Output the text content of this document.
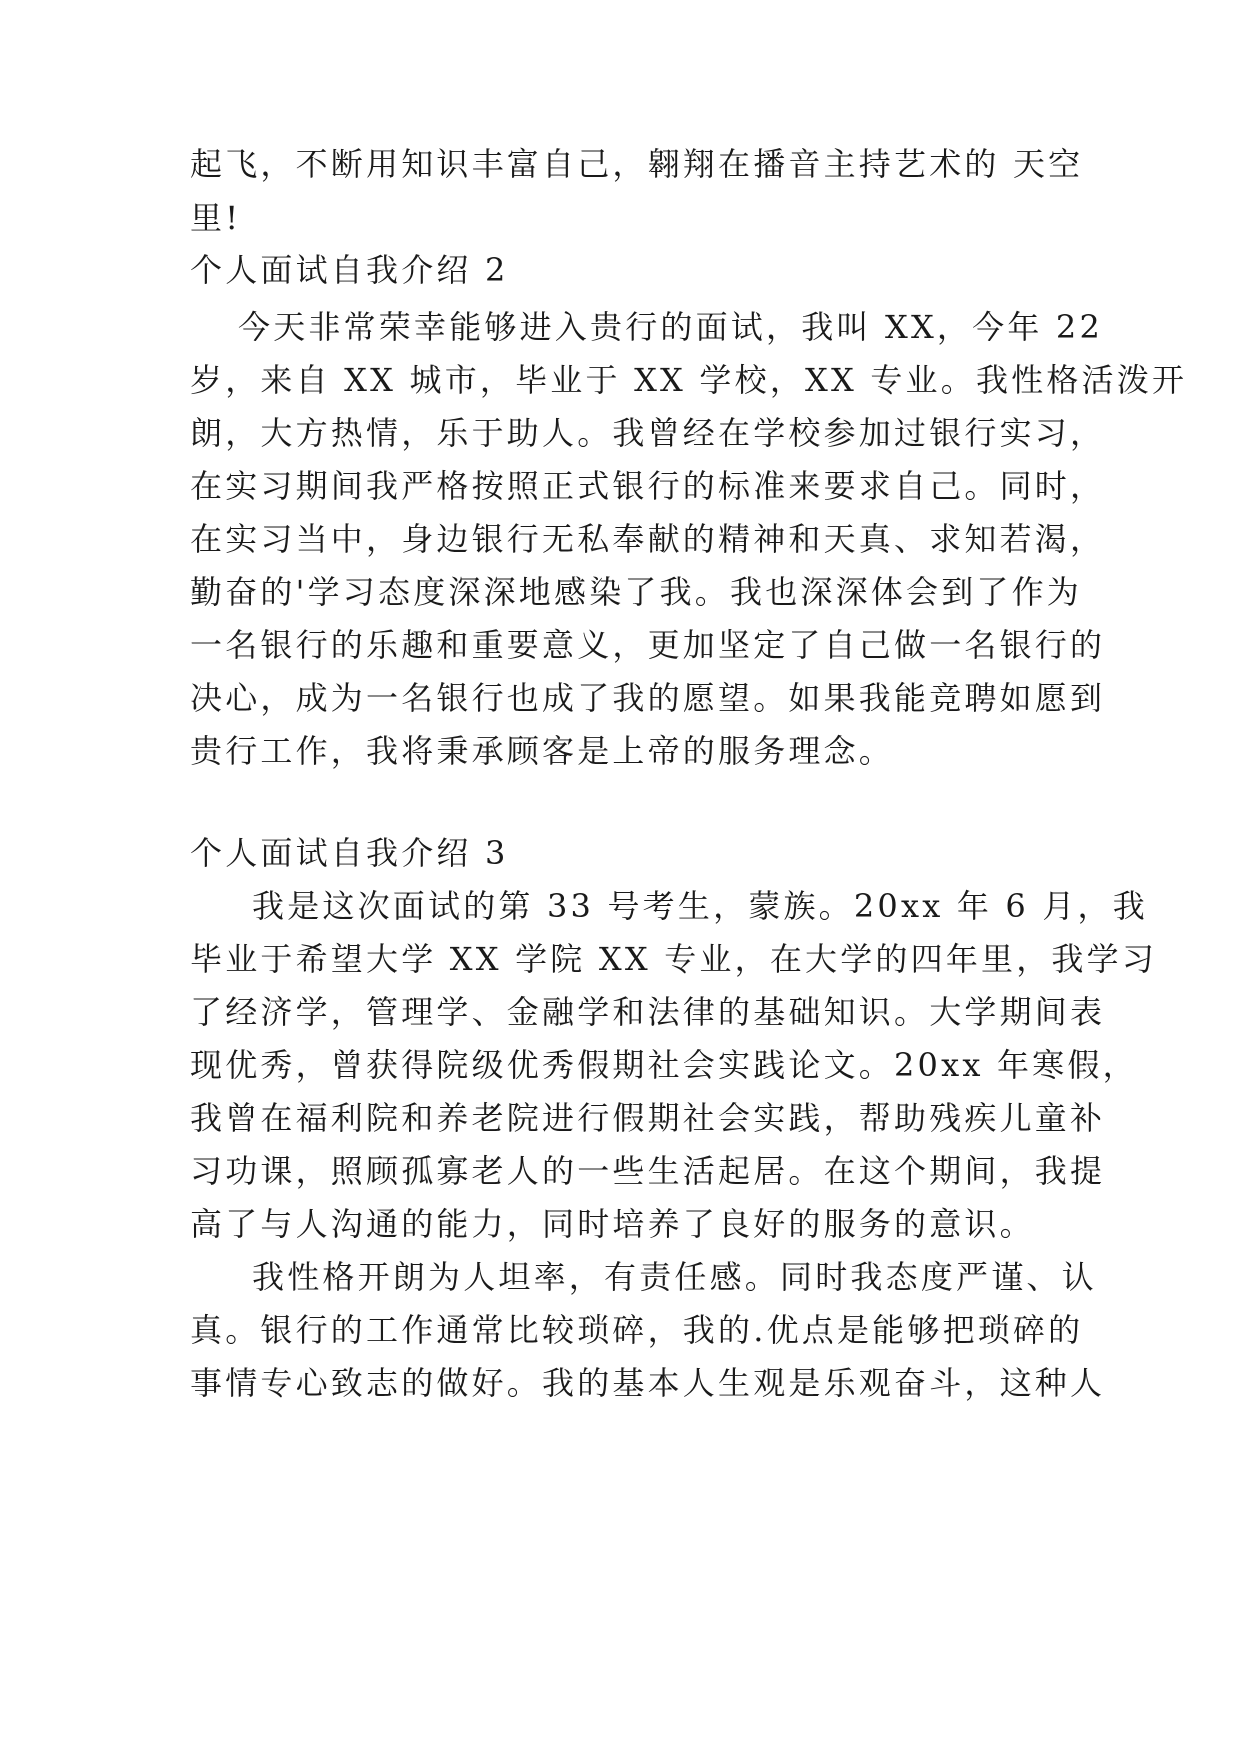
起飞，不断用知识丰富自己，翱翔在播音主持艺术的 天空
里!
个人面试自我介绍 2
今天非常荣幸能够进入贵行的面试，我叫 XX，今年 22
岁，来自 XX 城市，毕业于 XX 学校，XX 专业。我性格活泼开
朗，大方热情，乐于助人。我曾经在学校参加过银行实习，
在实习期间我严格按照正式银行的标准来要求自己。同时，
在实习当中，身边银行无私奉献的精神和天真、求知若渴，
勤奋的'学习态度深深地感染了我。我也深深体会到了作为
一名银行的乐趣和重要意义，更加坚定了自己做一名银行的
决心，成为一名银行也成了我的愿望。如果我能竞聘如愿到
贵行工作，我将秉承顾客是上帝的服务理念。
个人面试自我介绍 3
我是这次面试的第 33 号考生，蒙族。20xx 年 6 月，我
毕业于希望大学 XX 学院 XX 专业，在大学的四年里，我学习
了经济学，管理学、金融学和法律的基础知识。大学期间表
现优秀，曾获得院级优秀假期社会实践论文。20xx 年寒假，
我曾在福利院和养老院进行假期社会实践，帮助残疾儿童补
习功课，照顾孤寡老人的一些生活起居。在这个期间，我提
高了与人沟通的能力，同时培养了良好的服务的意识。
我性格开朗为人坦率，有责任感。同时我态度严谨、认
真。银行的工作通常比较琐碎，我的.优点是能够把琐碎的
事情专心致志的做好。我的基本人生观是乐观奋斗，这种人
